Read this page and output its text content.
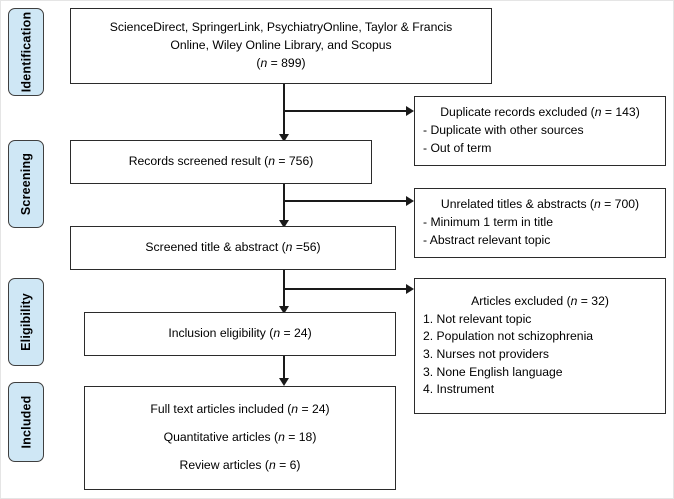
Identification
Screening
Eligibility
Included
ScienceDirect, SpringerLink, PsychiatryOnline, Taylor & Francis
Online, Wiley Online Library, and Scopus
(n = 899)
Duplicate records excluded (n = 143)
- Duplicate with other sources
- Out of term
Records screened result (n = 756)
Unrelated titles & abstracts (n = 700)
- Minimum 1 term in title
- Abstract relevant topic
Screened title & abstract (n =56)
Articles excluded (n = 32)
1. Not relevant topic
2. Population not schizophrenia
3. Nurses not providers
3. None English language
4. Instrument
Inclusion eligibility (n = 24)
Full text articles included (n = 24)
Quantitative articles (n = 18)
Review articles (n = 6)
